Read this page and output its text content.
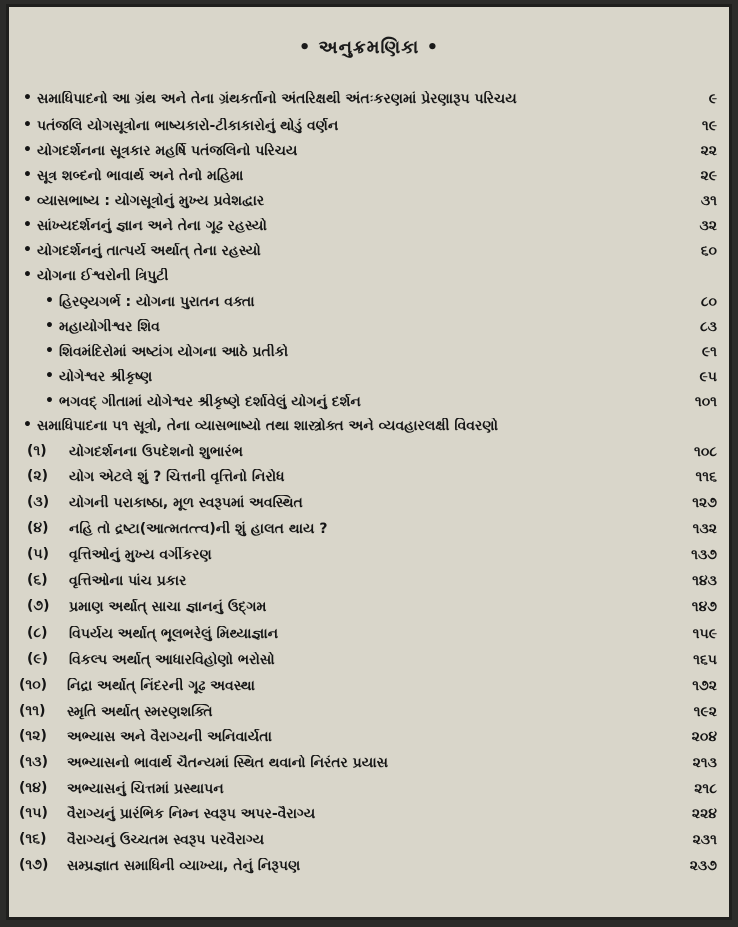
• અનુક્રમણિકા •
• સમાધિપાદનો આ ગ્રંથ અને તેના ગ્રંથકર્તાનો અંતરિક્ષથી અંતઃકરણમાં પ્રેરણારૂપ પરિચય	૯
• પતંજલિ યોગસૂત્રોના ભાષ્યકારો-ટીકાકારોનું થોડું વર્ણન	૧૯
• યોગદર્શનના સૂત્રકાર મહર્ષિ પતંજલિનો પરિચય	૨૨
• સૂત્ર શબ્દનો ભાવાર્થ અને તેનો મહિમા	૨૯
• વ્યાસભાષ્ય : યોગસૂત્રોનું મુખ્ય પ્રવેશદ્વાર	૩૧
• સાંખ્યદર્શનનું જ્ઞાન અને તેના ગૂઢ રહસ્યો	૩૨
• યોગદર્શનનું તાત્પર્ય અર્થાત્ તેના રહસ્યો	૬૦
• યોગના ઈશ્વરોની ત્રિપુટી
• હિરણ્યગર્ભ : યોગના પુરાતન વક્તા	૮૦
• મહાયોગીશ્વર શિવ	૮૩
• શિવમંદિરોમાં અષ્ટાંગ યોગના આઠે પ્રતીકો	૯૧
• યોગેશ્વર શ્રીકૃષ્ણ	૯૫
• ભગવદ્ ગીતામાં યોગેશ્વર શ્રીકૃષ્ણે દર્શાવેલું યોગનું દર્શન	૧૦૧
• સમાધિપાદના ૫૧ સૂત્રો, તેના વ્યાસભાષ્યો તથા શાસ્ત્રોક્ત અને વ્યવહારલક્ષી વિવરણો
(૧) યોગદર્શનના ઉપદેશનો શુભારંભ	૧૦૮
(૨) યોગ એટલે શું ? ચિત્તની વૃત્તિનો નિરોધ	૧૧૬
(૩) યોગની પરાકાષ્ઠા, મૂળ સ્વરૂપમાં અવસ્થિત	૧૨૭
(૪) નહિ તો દ્રષ્ટા(આત્મતત્ત્વ)ની શું હાલત થાય ?	૧૩૨
(૫) વૃત્તિઓનું મુખ્ય વર્ગીકરણ	૧૩૭
(૬) વૃત્તિઓના પાંચ પ્રકાર	૧૪૩
(૭) પ્રમાણ અર્થાત્ સાચા જ્ઞાનનું ઉદ્‌ગમ	૧૪૭
(૮) વિપર્યય અર્થાત્ ભૂલભરેલું મિથ્યાજ્ઞાન	૧૫૯
(૯) વિકલ્પ અર્થાત્ આધારવિહોણો ભરોસો	૧૬૫
(૧૦) નિદ્રા અર્થાત્ નિંદરની ગૂઢ અવસ્થા	૧૭૨
(૧૧) સ્મૃતિ અર્થાત્ સ્મરણશક્તિ	૧૯૨
(૧૨) અભ્યાસ અને વૈરાગ્યની અનિવાર્યતા	૨૦૪
(૧૩) અભ્યાસનો ભાવાર્થ ચૈતન્યમાં સ્થિત થવાનો નિરંતર પ્રયાસ	૨૧૩
(૧૪) અભ્યાસનું ચિત્તમાં પ્રસ્થાપન	૨૧૮
(૧૫) વૈરાગ્યનું પ્રારંભિક નિમ્ન સ્વરૂપ અપર-વૈરાગ્ય	૨૨૪
(૧૬) વૈરાગ્યનું ઉચ્ચતમ સ્વરૂપ પરવૈરાગ્ય	૨૩૧
(૧૭) સમ્પ્રજ્ઞાત સમાધિની વ્યાખ્યા, તેનું નિરૂપણ	૨૩૭
